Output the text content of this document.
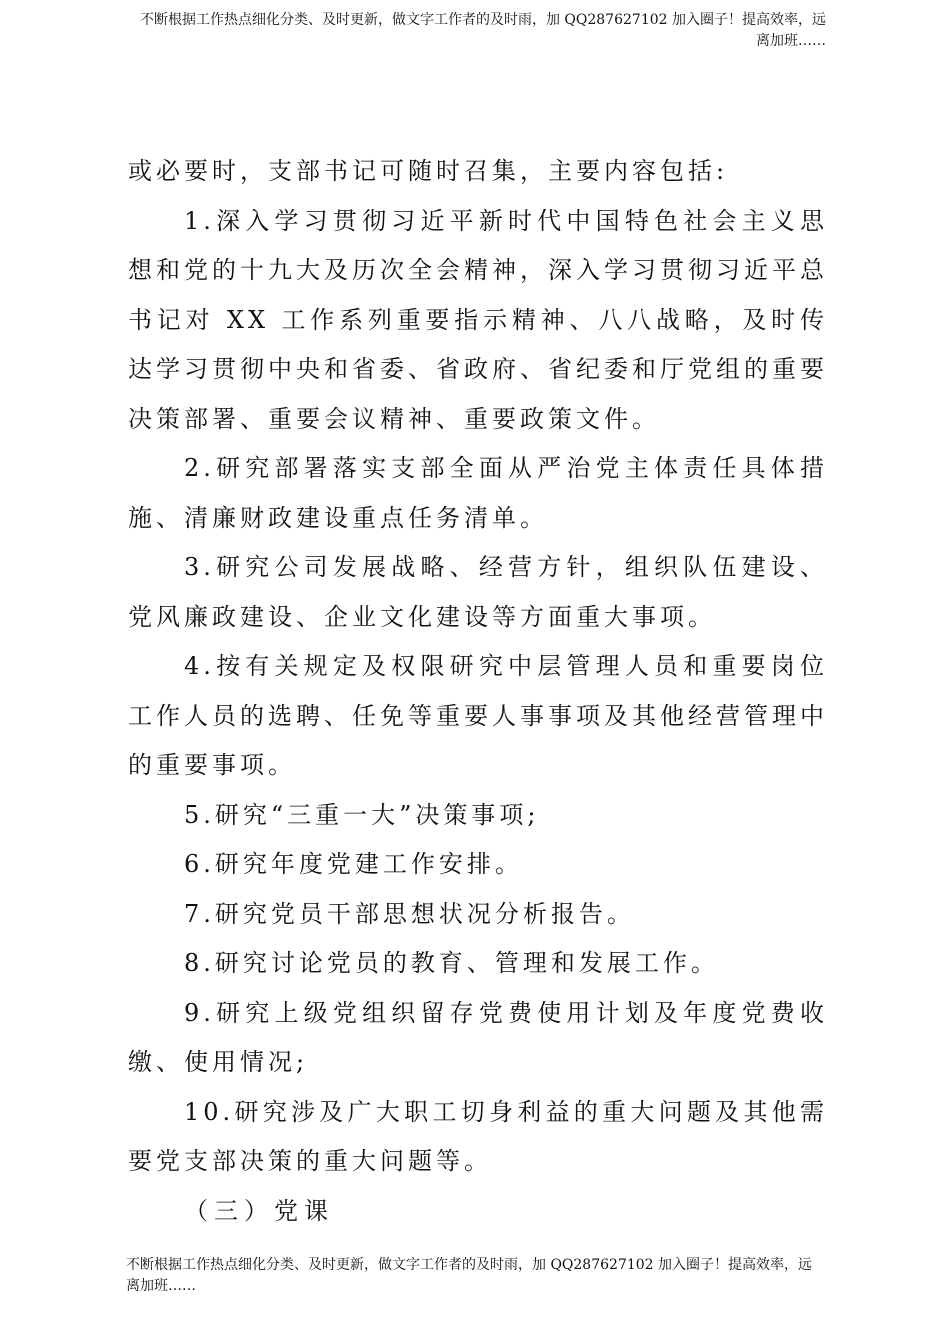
不断根据工作热点细化分类、及时更新，做文字工作者的及时雨，加 QQ287627102 加入圈子！提高效率，远离加班……

或必要时，支部书记可随时召集，主要内容包括:

1.深入学习贯彻习近平新时代中国特色社会主义思想和党的十九大及历次全会精神，深入学习贯彻习近平总书记对 XX 工作系列重要指示精神、八八战略，及时传达学习贯彻中央和省委、省政府、省纪委和厅党组的重要决策部署、重要会议精神、重要政策文件。

2.研究部署落实支部全面从严治党主体责任具体措施、清廉财政建设重点任务清单。

3.研究公司发展战略、经营方针，组织队伍建设、党风廉政建设、企业文化建设等方面重大事项。

4.按有关规定及权限研究中层管理人员和重要岗位工作人员的选聘、任免等重要人事事项及其他经营管理中的重要事项。

5.研究“三重一大”决策事项;

6.研究年度党建工作安排。

7.研究党员干部思想状况分析报告。

8.研究讨论党员的教育、管理和发展工作。

9.研究上级党组织留存党费使用计划及年度党费收缴、使用情况;

10.研究涉及广大职工切身利益的重大问题及其他需要党支部决策的重大问题等。

（三）党课

不断根据工作热点细化分类、及时更新，做文字工作者的及时雨，加 QQ287627102 加入圈子！提高效率，远离加班……
